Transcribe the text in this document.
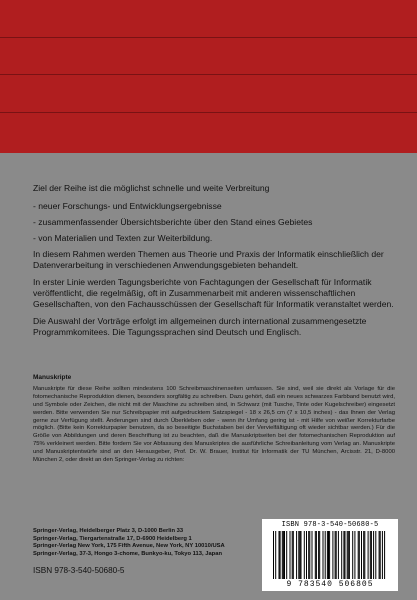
Ziel der Reihe ist die möglichst schnelle und weite Verbreitung

- neuer Forschungs- und Entwicklungsergebnisse

- zusammenfassender Übersichtsberichte über den Stand eines Gebietes

- von Materialien und Texten zur Weiterbildung.

In diesem Rahmen werden Themen aus Theorie und Praxis der Informatik einschließlich der Datenverarbeitung in verschiedenen Anwendungsgebieten behandelt.

In erster Linie werden Tagungsberichte von Fachtagungen der Gesellschaft für Informatik veröffentlicht, die regelmäßig, oft in Zusammenarbeit mit anderen wissenschaftlichen Gesellschaften, von den Fachausschüssen der Gesellschaft für Informatik veranstaltet werden.

Die Auswahl der Vorträge erfolgt im allgemeinen durch international zusammengesetzte Programmkomitees. Die Tagungssprachen sind Deutsch und Englisch.

Manuskripte

Manuskripte für diese Reihe sollten mindestens 100 Schreibmaschinenseiten umfassen. Sie sind, weil sie direkt als Vorlage für die fotomechanische Reproduktion dienen, besonders sorgfältig zu schreiben. Dazu gehört, daß ein neues schwarzes Farbband benutzt wird, und Symbole oder Zeichen, die nicht mit der Maschine zu schreiben sind, in Schwarz (mit Tusche, Tinte oder Kugelschreiber) eingesetzt werden. Bitte verwenden Sie nur Schreibpapier mit aufgedrucktem Satzspiegel - 18 x 26,5 cm (7 x 10,5 inches) - das Ihnen der Verlag gerne zur Verfügung stellt. Änderungen sind durch Überkleben oder - wenn ihr Umfang gering ist - mit Hilfe von weißer Korrekturfarbe möglich. (Bitte kein Korrekturpapier benutzen, da so beseitigte Buchstaben bei der Vervielfältigung oft wieder sichtbar werden.) Für die Größe von Abbildungen und deren Beschriftung ist zu beachten, daß die Manuskriptseiten bei der fotomechanischen Reproduktion auf 75% verkleinert werden. Bitte fordern Sie vor Abfassung des Manuskriptes die ausführliche Schreibanleitung vom Verlag an. Manuskripte und Manuskriptentwürfe sind an den Herausgeber, Prof. Dr. W. Brauer, Institut für Informatik der TU München, Arcisstr. 21, D-8000 München 2, oder direkt an den Springer-Verlag zu richten:

Springer-Verlag, Heidelberger Platz 3, D-1000 Berlin 33
Springer-Verlag, Tiergartenstraße 17, D-6900 Heidelberg 1
Springer-Verlag New York, 175 Fifth Avenue, New York, NY 10010/USA
Springer-Verlag, 37-3, Hongo 3-chome, Bunkyo-ku, Tokyo 113, Japan
ISBN 978-3-540-50680-5
ISBN 978-3-540-50680-5
9 783540 506805
